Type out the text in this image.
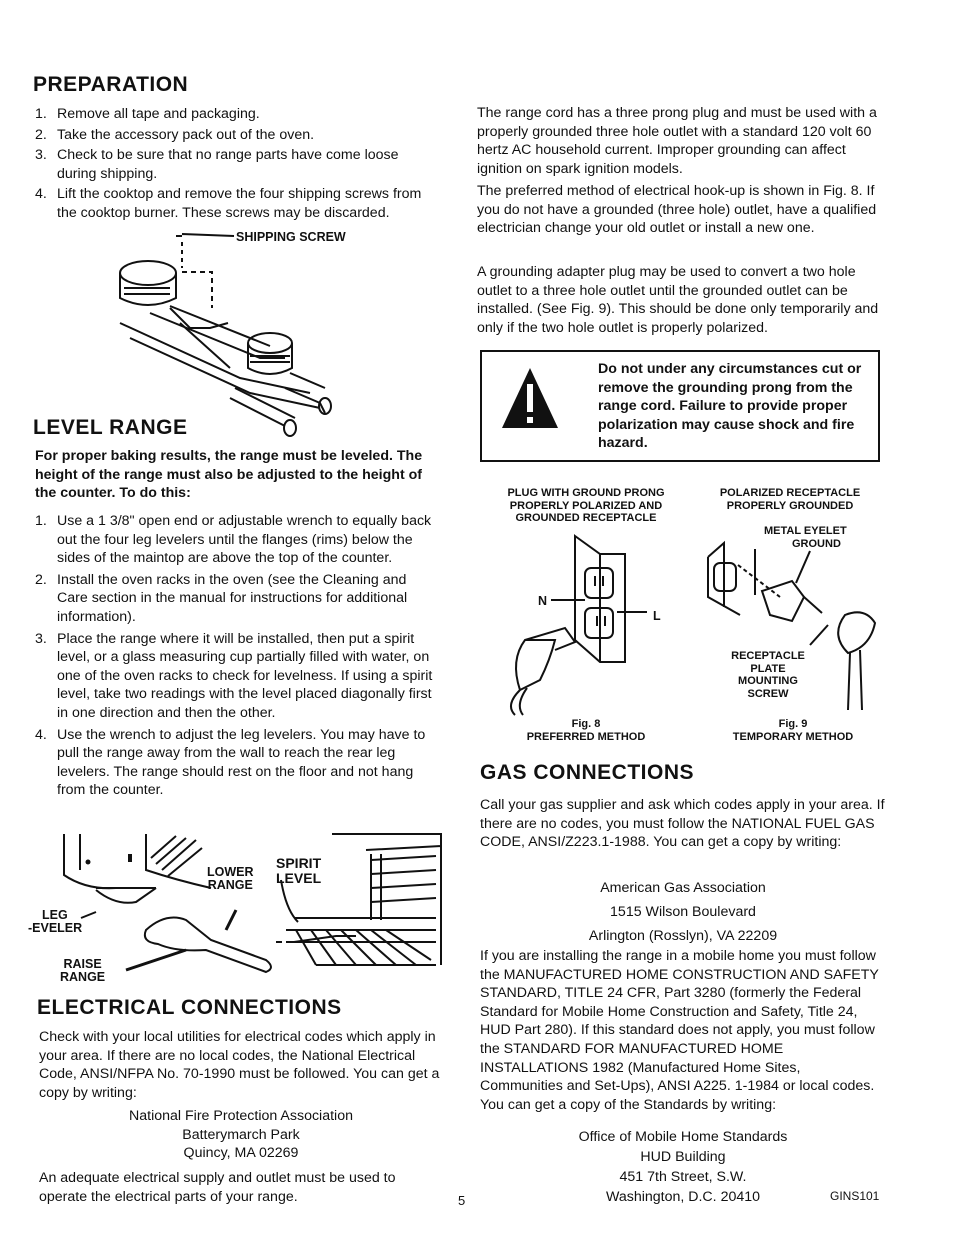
PREPARATION
1. Remove all tape and packaging.
2. Take the accessory pack out of the oven.
3. Check to be sure that no range parts have come loose during shipping.
4. Lift the cooktop and remove the four shipping screws from the cooktop burner. These screws may be discarded.
SHIPPING SCREW
LEVEL RANGE

For proper baking results, the range must be leveled. The height of the range must also be adjusted to the height of the counter. To do this:

1. Use a 1 3/8" open end or adjustable wrench to equally back out the four leg levelers until the flanges (rims) below the sides of the maintop are above the top of the counter.
2. Install the oven racks in the oven (see the Cleaning and Care section in the manual for instructions for additional information).
3. Place the range where it will be installed, then put a spirit level, or a glass measuring cup partially filled with water, on one of the oven racks to check for levelness. If using a spirit level, take two readings with the level placed diagonally first in one direction and then the other.
4. Use the wrench to adjust the leg levelers. You may have to pull the range away from the wall to reach the rear leg levelers. The range should rest on the floor and not hang from the counter.
LOWER
RANGE
SPIRIT
LEVEL
LEG
-EVELER
RAISE
RANGE
ELECTRICAL CONNECTIONS

Check with your local utilities for electrical codes which apply in your area. If there are no local codes, the National Electrical Code, ANSI/NFPA No. 70-1990 must be followed. You can get a copy by writing:

National Fire Protection Association
Batterymarch Park
Quincy, MA 02269

An adequate electrical supply and outlet must be used to operate the electrical parts of your range.

The range cord has a three prong plug and must be used with a properly grounded three hole outlet with a standard 120 volt 60 hertz AC household current. Improper grounding can affect ignition on spark ignition models.

The preferred method of electrical hook-up is shown in Fig. 8. If you do not have a grounded (three hole) outlet, have a qualified electrician change your old outlet or install a new one.

A grounding adapter plug may be used to convert a two hole outlet to a three hole outlet until the grounded outlet can be installed. (See Fig. 9). This should be done only temporarily and only if the two hole outlet is properly polarized.

Do not under any circumstances cut or remove the grounding prong from the range cord. Failure to provide proper polarization may cause shock and fire hazard.

PLUG WITH GROUND PRONG
PROPERLY POLARIZED AND
GROUNDED RECEPTACLE
POLARIZED RECEPTACLE
PROPERLY GROUNDED
N
L
METAL EYELET
GROUND
RECEPTACLE
PLATE
MOUNTING
SCREW
Fig. 8
PREFERRED METHOD
Fig. 9
TEMPORARY METHOD
GAS CONNECTIONS

Call your gas supplier and ask which codes apply in your area. If there are no codes, you must follow the NATIONAL FUEL GAS CODE, ANSI/Z223.1-1988. You can get a copy by writing:

American Gas Association
1515 Wilson Boulevard
Arlington (Rosslyn), VA 22209

If you are installing the range in a mobile home you must follow the MANUFACTURED HOME CONSTRUCTION AND SAFETY STANDARD, TITLE 24 CFR, Part 3280 (formerly the Federal Standard for Mobile Home Construction and Safety, Title 24, HUD Part 280). If this standard does not apply, you must follow the STANDARD FOR MANUFACTURED HOME INSTALLATIONS 1982 (Manufactured Home Sites, Communities and Set-Ups), ANSI A225. 1-1984 or local codes. You can get a copy of the Standards by writing:

Office of Mobile Home Standards
HUD Building
451 7th Street, S.W.
Washington, D.C. 20410
5	GINS101
